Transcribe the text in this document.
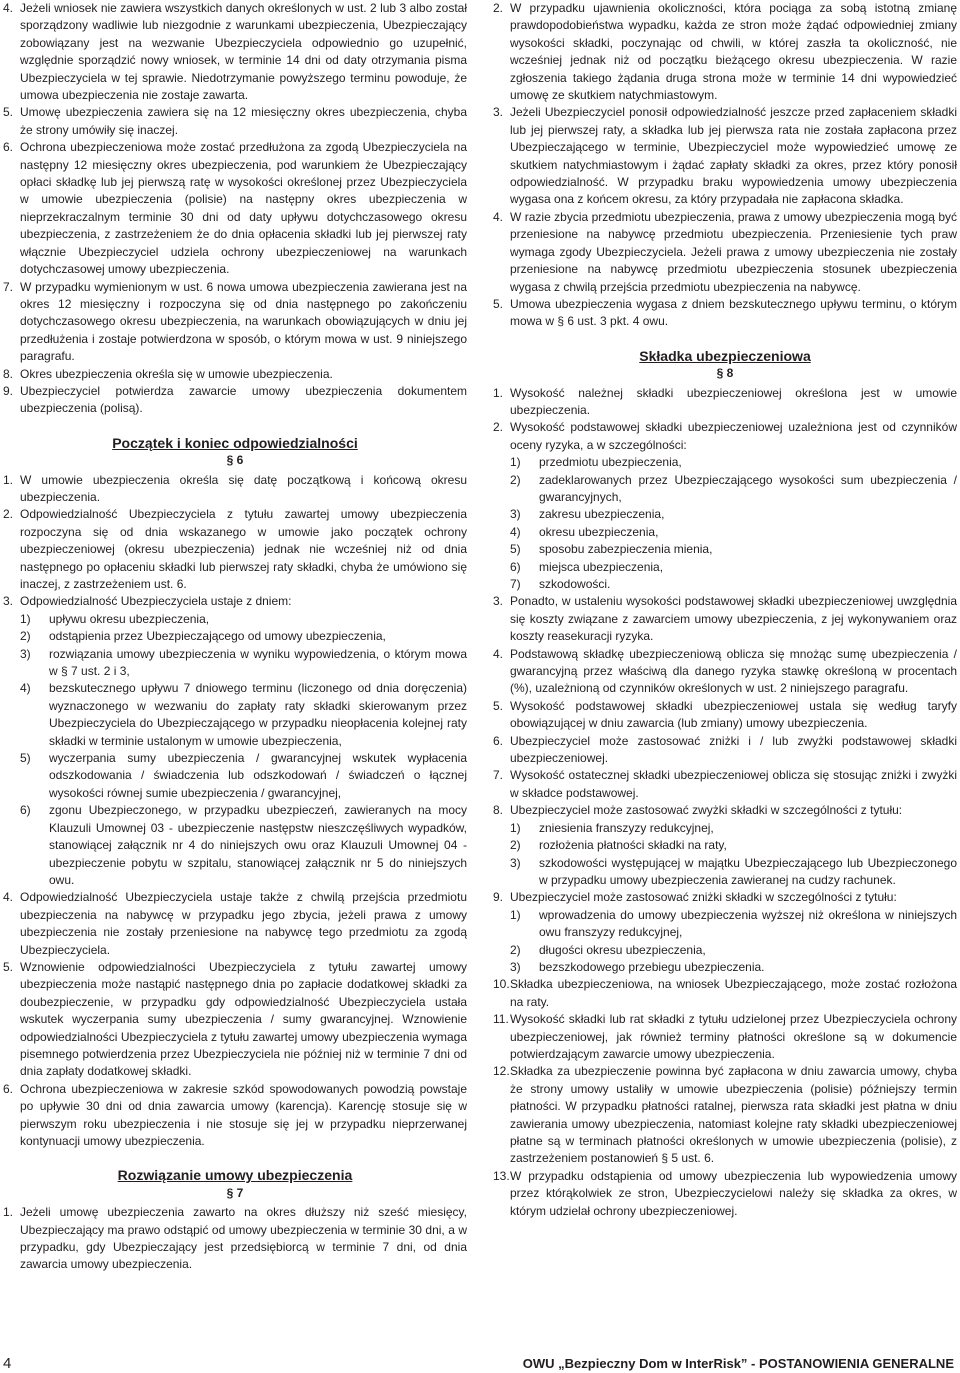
4. Jeżeli wniosek nie zawiera wszystkich danych określonych w ust. 2 lub 3 albo został sporządzony wadliwie lub niezgodnie z warunkami ubezpieczenia, Ubezpieczający zobowiązany jest na wezwanie Ubezpieczyciela odpowiednio go uzupełnić, względnie sporządzić nowy wniosek, w terminie 14 dni od daty otrzymania pisma Ubezpieczyciela w tej sprawie. Niedotrzymanie powyższego terminu powoduje, że umowa ubezpieczenia nie zostaje zawarta.
5. Umowę ubezpieczenia zawiera się na 12 miesięczny okres ubezpieczenia, chyba że strony umówiły się inaczej.
6. Ochrona ubezpieczeniowa może zostać przedłużona za zgodą Ubezpieczyciela na następny 12 miesięczny okres ubezpieczenia, pod warunkiem że Ubezpieczający opłaci składkę lub jej pierwszą ratę w wysokości określonej przez Ubezpieczyciela w umowie ubezpieczenia (polisie) na następny okres ubezpieczenia w nieprzekraczalnym terminie 30 dni od daty upływu dotychczasowego okresu ubezpieczenia, z zastrzeżeniem że do dnia opłacenia składki lub jej pierwszej raty włącznie Ubezpieczyciel udziela ochrony ubezpieczeniowej na warunkach dotychczasowej umowy ubezpieczenia.
7. W przypadku wymienionym w ust. 6 nowa umowa ubezpieczenia zawierana jest na okres 12 miesięczny i rozpoczyna się od dnia następnego po zakończeniu dotychczasowego okresu ubezpieczenia, na warunkach obowiązujących w dniu jej przedłużenia i zostaje potwierdzona w sposób, o którym mowa w ust. 9 niniejszego paragrafu.
8. Okres ubezpieczenia określa się w umowie ubezpieczenia.
9. Ubezpieczyciel potwierdza zawarcie umowy ubezpieczenia dokumentem ubezpieczenia (polisą).
Początek i koniec odpowiedzialności
§ 6
1. W umowie ubezpieczenia określa się datę początkową i końcową okresu ubezpieczenia.
2. Odpowiedzialność Ubezpieczyciela z tytułu zawartej umowy ubezpieczenia rozpoczyna się od dnia wskazanego w umowie jako początek ochrony ubezpieczeniowej (okresu ubezpieczenia) jednak nie wcześniej niż od dnia następnego po opłaceniu składki lub pierwszej raty składki, chyba że umówiono się inaczej, z zastrzeżeniem ust. 6.
3. Odpowiedzialność Ubezpieczyciela ustaje z dniem:
1)	upływu okresu ubezpieczenia,
2)	odstąpienia przez Ubezpieczającego od umowy ubezpieczenia,
3)	rozwiązania umowy ubezpieczenia w wyniku wypowiedzenia, o którym mowa w § 7 ust. 2 i 3,
4)	bezskutecznego upływu 7 dniowego terminu (liczonego od dnia doręczenia) wyznaczonego w wezwaniu do zapłaty raty składki skierowanym przez Ubezpieczyciela do Ubezpieczającego w przypadku nieopłacenia kolejnej raty składki w terminie ustalonym w umowie ubezpieczenia,
5)	wyczerpania sumy ubezpieczenia / gwarancyjnej wskutek wypłacenia odszkodowania / świadczenia lub odszkodowań / świadczeń o łącznej wysokości równej sumie ubezpieczenia / gwarancyjnej,
6)	zgonu Ubezpieczonego, w przypadku ubezpieczeń, zawieranych na mocy Klauzuli Umownej 03 - ubezpieczenie następstw nieszczęśliwych wypadków, stanowiącej załącznik nr 4 do niniejszych owu oraz Klauzuli Umownej 04 - ubezpieczenie pobytu w szpitalu, stanowiącej załącznik nr 5 do niniejszych owu.
4. Odpowiedzialność Ubezpieczyciela ustaje także z chwilą przejścia przedmiotu ubezpieczenia na nabywcę w przypadku jego zbycia, jeżeli prawa z umowy ubezpieczenia nie zostały przeniesione na nabywcę tego przedmiotu za zgodą Ubezpieczyciela.
5. Wznowienie odpowiedzialności Ubezpieczyciela z tytułu zawartej umowy ubezpieczenia może nastąpić następnego dnia po zapłacie dodatkowej składki za doubezpieczenie, w przypadku gdy odpowiedzialność Ubezpieczyciela ustała wskutek wyczerpania sumy ubezpieczenia / sumy gwarancyjnej. Wznowienie odpowiedzialności Ubezpieczyciela z tytułu zawartej umowy ubezpieczenia wymaga pisemnego potwierdzenia przez Ubezpieczyciela nie później niż w terminie 7 dni od dnia zapłaty dodatkowej składki.
6. Ochrona ubezpieczeniowa w zakresie szkód spowodowanych powodzią powstaje po upływie 30 dni od dnia zawarcia umowy (karencja). Karencję stosuje się w pierwszym roku ubezpieczenia i nie stosuje się jej w przypadku nieprzerwanej kontynuacji umowy ubezpieczenia.
Rozwiązanie umowy ubezpieczenia
§ 7
1. Jeżeli umowę ubezpieczenia zawarto na okres dłuższy niż sześć miesięcy, Ubezpieczający ma prawo odstąpić od umowy ubezpieczenia w terminie 30 dni, a w przypadku, gdy Ubezpieczający jest przedsiębiorcą w terminie 7 dni, od dnia zawarcia umowy ubezpieczenia.
2. W przypadku ujawnienia okoliczności, która pociąga za sobą istotną zmianę prawdopodobieństwa wypadku, każda ze stron może żądać odpowiedniej zmiany wysokości składki, poczynając od chwili, w której zaszła ta okoliczność, nie wcześniej jednak niż od początku bieżącego okresu ubezpieczenia. W razie zgłoszenia takiego żądania druga strona może w terminie 14 dni wypowiedzieć umowę ze skutkiem natychmiastowym.
3. Jeżeli Ubezpieczyciel ponosił odpowiedzialność jeszcze przed zapłaceniem składki lub jej pierwszej raty, a składka lub jej pierwsza rata nie została zapłacona przez Ubezpieczającego w terminie, Ubezpieczyciel może wypowiedzieć umowę ze skutkiem natychmiastowym i żądać zapłaty składki za okres, przez który ponosił odpowiedzialność. W przypadku braku wypowiedzenia umowy ubezpieczenia wygasa ona z końcem okresu, za który przypadała nie zapłacona składka.
4. W razie zbycia przedmiotu ubezpieczenia, prawa z umowy ubezpieczenia mogą być przeniesione na nabywcę przedmiotu ubezpieczenia. Przeniesienie tych praw wymaga zgody Ubezpieczyciela. Jeżeli prawa z umowy ubezpieczenia nie zostały przeniesione na nabywcę przedmiotu ubezpieczenia stosunek ubezpieczenia wygasa z chwilą przejścia przedmiotu ubezpieczenia na nabywcę.
5. Umowa ubezpieczenia wygasa z dniem bezskutecznego upływu terminu, o którym mowa w § 6 ust. 3 pkt. 4 owu.
Składka ubezpieczeniowa
§ 8
1. Wysokość należnej składki ubezpieczeniowej określona jest w umowie ubezpieczenia.
2. Wysokość podstawowej składki ubezpieczeniowej uzależniona jest od czynników oceny ryzyka, a w szczególności:
1)	przedmiotu ubezpieczenia,
2)	zadeklarowanych przez Ubezpieczającego wysokości sum ubezpieczenia / gwarancyjnych,
3)	zakresu ubezpieczenia,
4)	okresu ubezpieczenia,
5)	sposobu zabezpieczenia mienia,
6)	miejsca ubezpieczenia,
7)	szkodowości.
3. Ponadto, w ustaleniu wysokości podstawowej składki ubezpieczeniowej uwzględnia się koszty związane z zawarciem umowy ubezpieczenia, z jej wykonywaniem oraz koszty reasekuracji ryzyka.
4. Podstawową składkę ubezpieczeniową oblicza się mnożąc sumę ubezpieczenia / gwarancyjną przez właściwą dla danego ryzyka stawkę określoną w procentach (%), uzależnioną od czynników określonych w ust. 2 niniejszego paragrafu.
5. Wysokość podstawowej składki ubezpieczeniowej ustala się według taryfy obowiązującej w dniu zawarcia (lub zmiany) umowy ubezpieczenia.
6. Ubezpieczyciel może zastosować zniżki i / lub zwyżki podstawowej składki ubezpieczeniowej.
7. Wysokość ostatecznej składki ubezpieczeniowej oblicza się stosując zniżki i zwyżki w składce podstawowej.
8. Ubezpieczyciel może zastosować zwyżki składki w szczególności z tytułu:
1)	zniesienia franszyzy redukcyjnej,
2)	rozłożenia płatności składki na raty,
3)	szkodowości występującej w majątku Ubezpieczającego lub Ubezpieczonego w przypadku umowy ubezpieczenia zawieranej na cudzy rachunek.
9. Ubezpieczyciel może zastosować zniżki składki w szczególności z tytułu:
1)	wprowadzenia do umowy ubezpieczenia wyższej niż określona w niniejszych owu franszyzy redukcyjnej,
2)	długości okresu ubezpieczenia,
3)	bezszkodowego przebiegu ubezpieczenia.
10. Składka ubezpieczeniowa, na wniosek Ubezpieczającego, może zostać rozłożona na raty.
11. Wysokość składki lub rat składki z tytułu udzielonej przez Ubezpieczyciela ochrony ubezpieczeniowej, jak również terminy płatności określone są w dokumencie potwierdzającym zawarcie umowy ubezpieczenia.
12. Składka za ubezpieczenie powinna być zapłacona w dniu zawarcia umowy, chyba że strony umowy ustaliły w umowie ubezpieczenia (polisie) późniejszy termin płatności. W przypadku płatności ratalnej, pierwsza rata składki jest płatna w dniu zawierania umowy ubezpieczenia, natomiast kolejne raty składki ubezpieczeniowej płatne są w terminach płatności określonych w umowie ubezpieczenia (polisie), z zastrzeżeniem postanowień § 5 ust. 6.
13. W przypadku odstąpienia od umowy ubezpieczenia lub wypowiedzenia umowy przez którąkolwiek ze stron, Ubezpieczycielowi należy się składka za okres, w którym udzielał ochrony ubezpieczeniowej.
4	OWU „Bezpieczny Dom w InterRisk” - POSTANOWIENIA GENERALNE
